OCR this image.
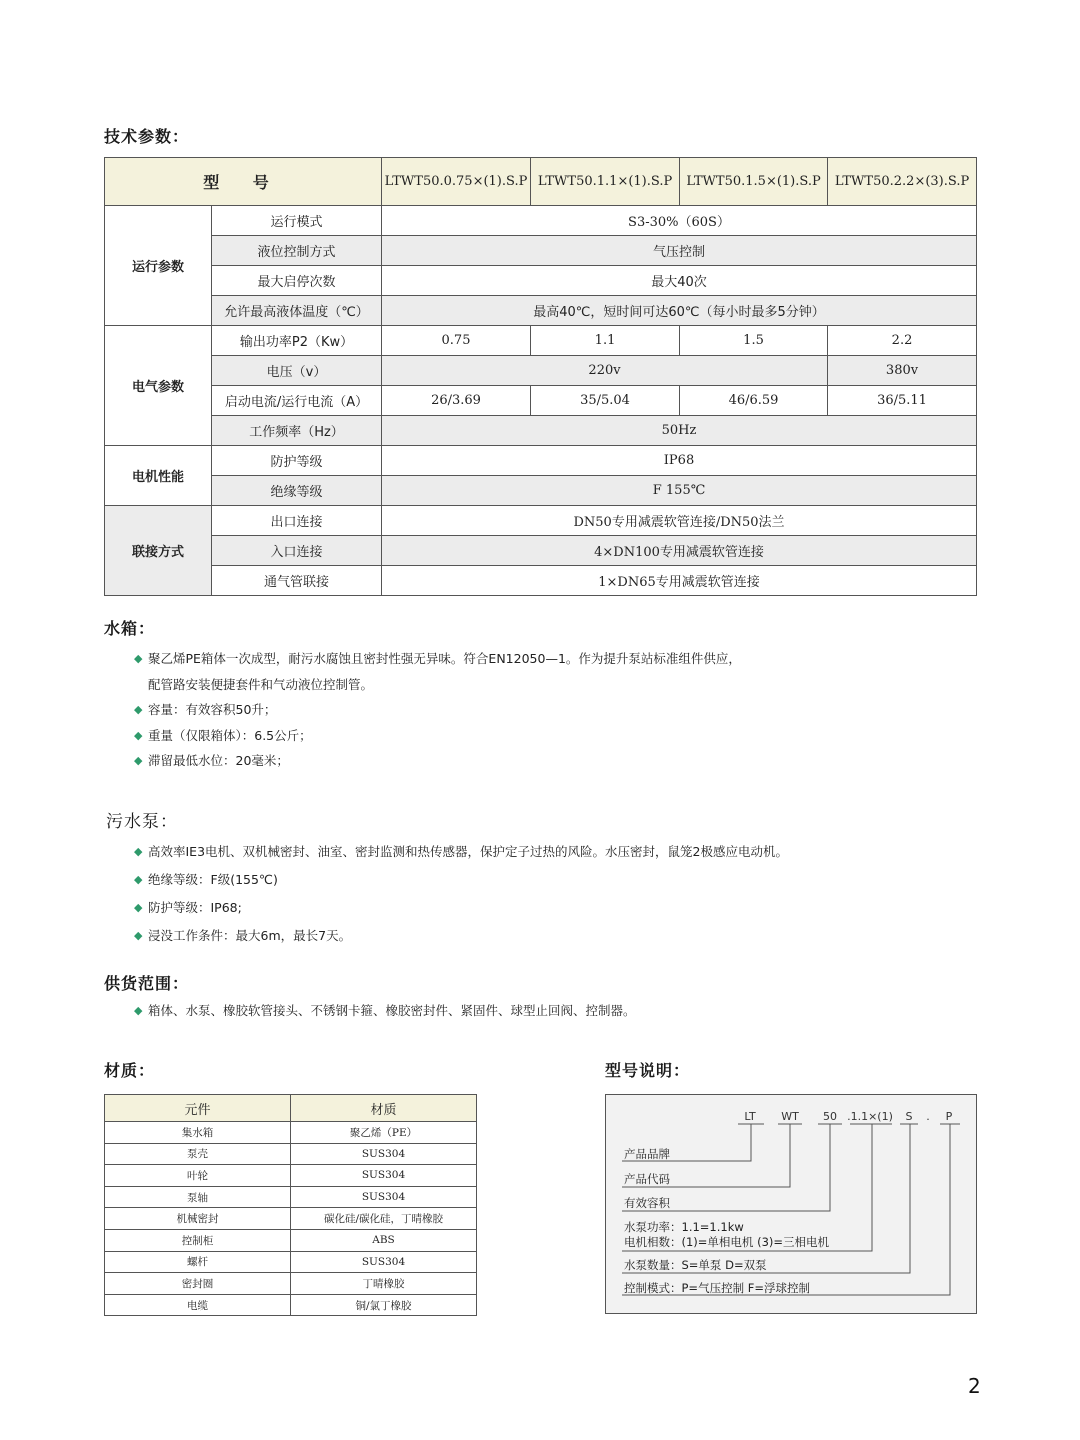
技术参数：
型 号		LTWT50.0.75×(1).S.P	LTWT50.1.1×(1).S.P	LTWT50.1.5×(1).S.P	LTWT50.2.2×(3).S.P
运行参数	运行模式	S3-30%（60S）			
	液位控制方式	气压控制			
	最大启停次数	最大40次			
	允许最高液体温度（℃）	最高40℃，短时间可达60℃（每小时最多5分钟）			
电气参数	输出功率P2（Kw）	0.75	1.1	1.5	2.2
	电压（v）	220v			380v
	启动电流/运行电流（A）	26/3.69	35/5.04	46/6.59	36/5.11
	工作频率（Hz）	50Hz			
电机性能	防护等级	IP68			
	绝缘等级	F 155℃			
联接方式	出口连接	DN50专用减震软管连接/DN50法兰			
	入口连接	4×DN100专用减震软管连接			
	通气管联接	1×DN65专用减震软管连接			
水箱：
◆ 聚乙烯PE箱体一次成型，耐污水腐蚀且密封性强无异味。符合EN12050—1。作为提升泵站标准组件供应，
配管路安装便捷套件和气动液位控制管。
◆ 容量：有效容积50升；
◆ 重量（仅限箱体）：6.5公斤；
◆ 滞留最低水位：20毫米；
污水泵：
◆ 高效率IE3电机、双机械密封、油室、密封监测和热传感器，保护定子过热的风险。水压密封，鼠笼2极感应电动机。
◆ 绝缘等级：F级(155℃)
◆ 防护等级：IP68;
◆ 浸没工作条件：最大6m，最长7天。
供货范围：
◆ 箱体、水泵、橡胶软管接头、不锈钢卡箍、橡胶密封件、紧固件、球型止回阀、控制器。
材质：
元件	材质
集水箱	聚乙烯（PE）
泵壳	SUS304
叶轮	SUS304
泵轴	SUS304
机械密封	碳化硅/碳化硅，丁晴橡胶
控制柜	ABS
螺杆	SUS304
密封圈	丁晴橡胶
电缆	铜/氯丁橡胶
型号说明：
LT WT 50 .1.1×(1) S . P
产品品牌
产品代码
有效容积
水泵功率：1.1=1.1kw
电机相数：(1)=单相电机 (3)=三相电机
水泵数量：S=单泵 D=双泵
控制模式：P=气压控制 F=浮球控制
2
